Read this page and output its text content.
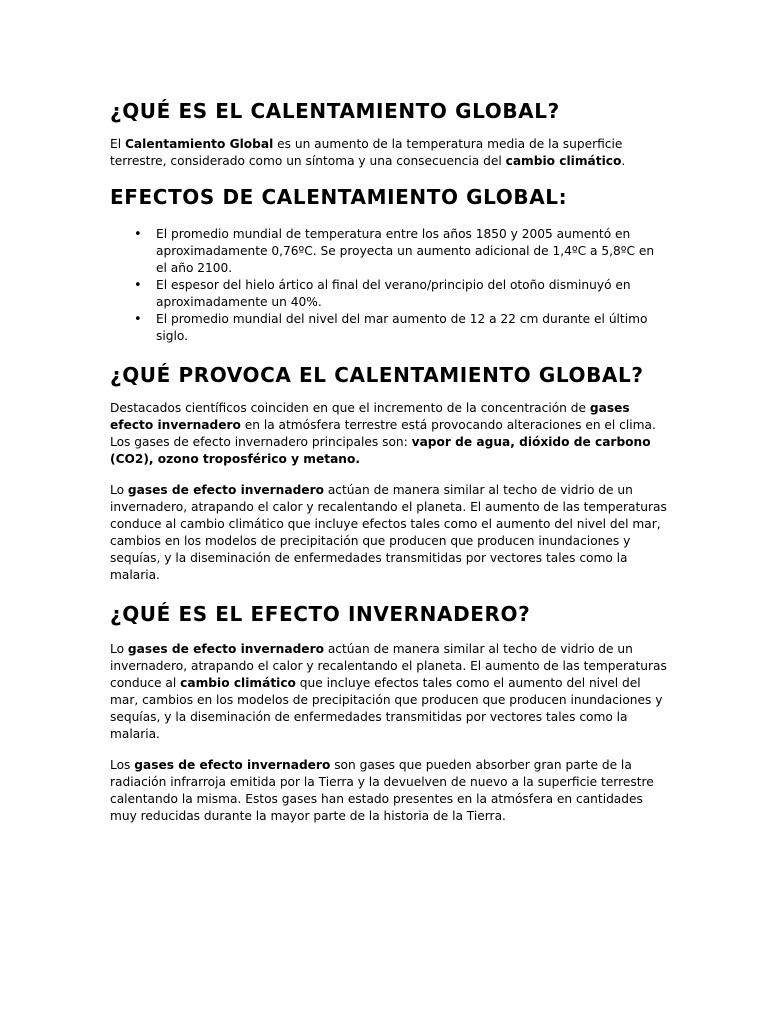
¿QUÉ ES EL CALENTAMIENTO GLOBAL?

El Calentamiento Global es un aumento de la temperatura media de la superficie terrestre, considerado como un síntoma y una consecuencia del cambio climático.

EFECTOS DE CALENTAMIENTO GLOBAL:
• El promedio mundial de temperatura entre los años 1850 y 2005 aumentó en aproximadamente 0,76ºC. Se proyecta un aumento adicional de 1,4ºC a 5,8ºC en el año 2100.
• El espesor del hielo ártico al final del verano/principio del otoño disminuyó en aproximadamente un 40%.
• El promedio mundial del nivel del mar aumento de 12 a 22 cm durante el último siglo.
¿QUÉ PROVOCA EL CALENTAMIENTO GLOBAL?

Destacados científicos coinciden en que el incremento de la concentración de gases efecto invernadero en la atmósfera terrestre está provocando alteraciones en el clima. Los gases de efecto invernadero principales son: vapor de agua, dióxido de carbono (CO2), ozono troposférico y metano.

Lo gases de efecto invernadero actúan de manera similar al techo de vidrio de un invernadero, atrapando el calor y recalentando el planeta. El aumento de las temperaturas conduce al cambio climático que incluye efectos tales como el aumento del nivel del mar, cambios en los modelos de precipitación que producen que producen inundaciones y sequías, y la diseminación de enfermedades transmitidas por vectores tales como la malaria.

¿QUÉ ES EL EFECTO INVERNADERO?

Lo gases de efecto invernadero actúan de manera similar al techo de vidrio de un invernadero, atrapando el calor y recalentando el planeta. El aumento de las temperaturas conduce al cambio climático que incluye efectos tales como el aumento del nivel del mar, cambios en los modelos de precipitación que producen que producen inundaciones y sequías, y la diseminación de enfermedades transmitidas por vectores tales como la malaria.

Los gases de efecto invernadero son gases que pueden absorber gran parte de la radiación infrarroja emitida por la Tierra y la devuelven de nuevo a la superficie terrestre calentando la misma. Estos gases han estado presentes en la atmósfera en cantidades muy reducidas durante la mayor parte de la historia de la Tierra.
